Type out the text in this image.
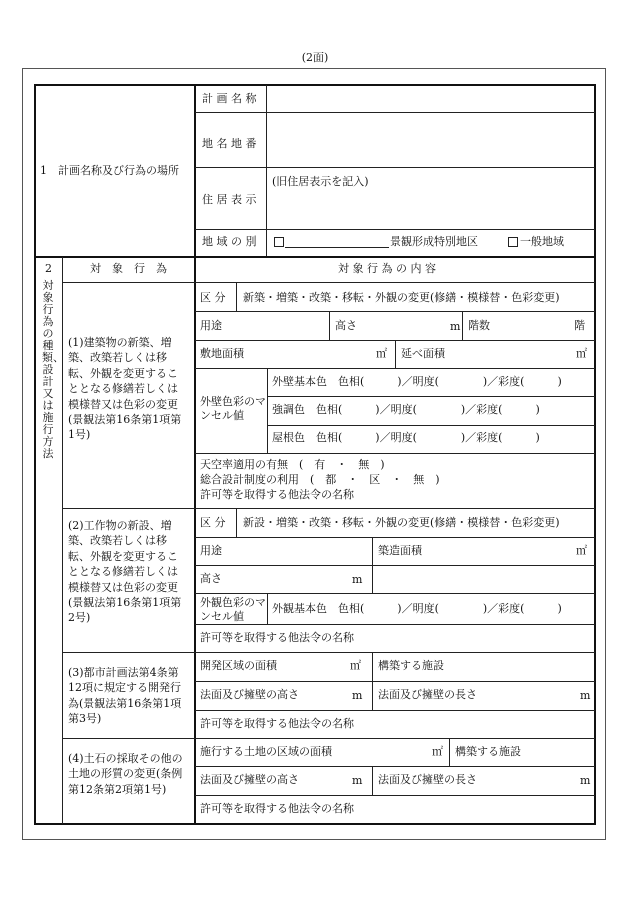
(2面)
1　計画名称及び行為の場所
計 画 名 称
地 名 地 番
住 居 表 示
(旧住居表示を記入)
地 域 の 別	景観形成特別地区	一般地域
2
対象行為の種類、設計又は施行方法
対　象　行　為	対 象 行 為 の 内 容
(1)建築物の新築、増築、改築若しくは移転、外観を変更することとなる修繕若しくは模様替又は色彩の変更(景観法第16条第1項第1号)
区 分 新築・増築・改築・移転・外観の変更(修繕・模様替・色彩変更)
用途	高さ	m 階数	階
敷地面積	㎡ 延べ面積	㎡
外壁色彩のマンセル値
外壁基本色　色相(　　　)／明度(　　　　)／彩度(　　　)
強調色　色相(　　　)／明度(　　　　)／彩度(　　　)
屋根色　色相(　　　)／明度(　　　　)／彩度(　　　)
天空率適用の有無　(　有　・　無　)
総合設計制度の利用　(　都　・　区　・　無　)
許可等を取得する他法令の名称
(2)工作物の新設、増築、改築若しくは移転、外観を変更することとなる修繕若しくは模様替又は色彩の変更(景観法第16条第1項第2号)
区 分 新設・増築・改築・移転・外観の変更(修繕・模様替・色彩変更)
用途	築造面積	㎡
高さ	m
外観色彩のマンセル値
外観基本色　色相(　　　)／明度(　　　　)／彩度(　　　)
許可等を取得する他法令の名称
(3)都市計画法第4条第12項に規定する開発行為(景観法第16条第1項第3号)
開発区域の面積	㎡ 構築する施設
法面及び擁壁の高さ	m 法面及び擁壁の長さ	m
許可等を取得する他法令の名称
(4)土石の採取その他の土地の形質の変更(条例第12条第2項第1号)
施行する土地の区域の面積	㎡ 構築する施設
法面及び擁壁の高さ	m 法面及び擁壁の長さ	m
許可等を取得する他法令の名称
